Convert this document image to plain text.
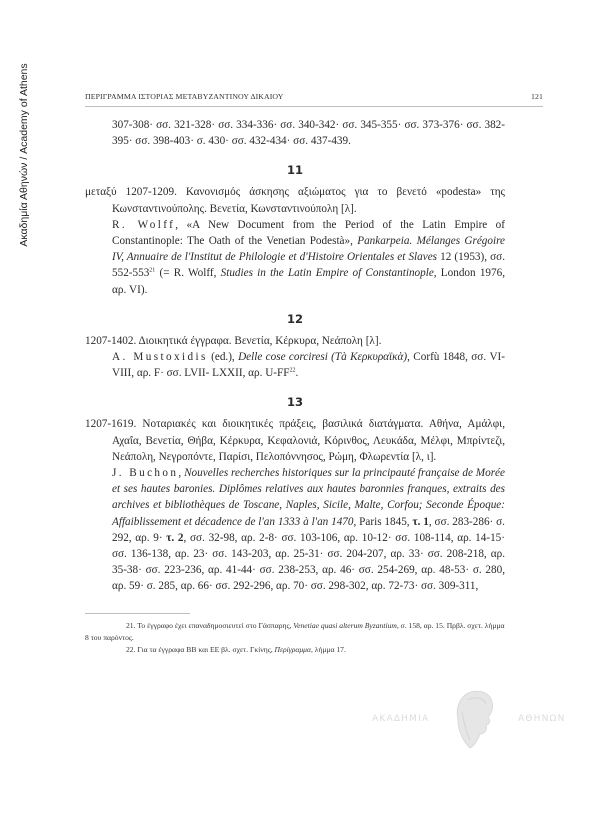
Ακαδημία Αθηνών / Academy of Athens	ΠΕΡΙΓΡΑΜΜΑ ΙΣΤΟΡΙΑΣ ΜΕΤΑΒΥΖΑΝΤΙΝΟΥ ΔΙΚΑΙΟΥ	121

307-308· σσ. 321-328· σσ. 334-336· σσ. 340-342· σσ. 345-355· σσ. 373-376· σσ. 382-395· σσ. 398-403· σ. 430· σσ. 432-434· σσ. 437-439.

11

μεταξύ 1207-1209. Κανονισμός άσκησης αξιώματος για το βενετό «podesta» της Κωνσταντινούπολης. Βενετία, Κωνσταντινούπολη [λ].

R. Wolff, «A New Document from the Period of the Latin Empire of Constantinople: The Oath of the Venetian Podestà», Pankarpeia. Mélanges Grégoire IV, Annuaire de l'Institut de Philologie et d'Histoire Orientales et Slaves 12 (1953), σσ. $552-553^{21}$ (= R. Wolff, Studies in the Latin Empire of Constantinople, London 1976, αρ. VI).

12

1207-1402. Διοικητικά έγγραφα. Βενετία, Κέρκυρα, Νεάπολη [λ].

A. Mustoxidis (ed.), Delle cose corciresi (Tà Κερκυραϊκὰ), Corfù 1848, σσ. VI-VIII, αρ. F· σσ. LVII- LXXII, αρ. U-FF$^{22}$.

13

1207-1619. Νοταριακές και διοικητικές πράξεις, βασιλικά διατάγματα. Αθήνα, Αμάλφι, Αχαΐα, Βενετία, Θήβα, Κέρκυρα, Κεφαλονιά, Κόρινθος, Λευκάδα, Μέλφι, Μπρίντεζι, Νεάπολη, Νεγροπόντε, Παρίσι, Πελοπόννησος, Ρώμη, Φλωρεντία [λ, ι].

J. Buchon, Nouvelles recherches historiques sur la principauté française de Morée et ses hautes baronies. Diplômes relatives aux hautes baronnies franques, extraits des archives et bibliothèques de Toscane, Naples, Sicile, Malte, Corfou; Seconde Époque: Affaiblissement et décadence de l'an 1333 à l'an 1470, Paris 1845, τ. 1, σσ. 283-286· σ. 292, αρ. 9· τ. 2, σσ. 32-98, αρ. 2-8· σσ. 103-106, αρ. 10-12· σσ. 108-114, αρ. 14-15· σσ. 136-138, αρ. 23· σσ. 143-203, αρ. 25-31· σσ. 204-207, αρ. 33· σσ. 208-218, αρ. 35-38· σσ. 223-236, αρ. 41-44· σσ. 238-253, αρ. 46· σσ. 254-269, αρ. 48-53· σ. 280, αρ. 59· σ. 285, αρ. 66· σσ. 292-296, αρ. 70· σσ. 298-302, αρ. 72-73· σσ. 309-311,

21. Το έγγραφο έχει επαναδημοσιευτεί στο Γάσπαρης, Venetiae quasi alterum Byzantium, σ. 158, αρ. 15. Πρβλ. σχετ. λήμμα 8 του παρόντος.

22. Για τα έγγραφα BB και EE βλ. σχετ. Γκίνης, Περίγραμμα, λήμμα 17.

ΑΚΑΔΗΜΙΑ	ΑΘΗΝΩΝ
